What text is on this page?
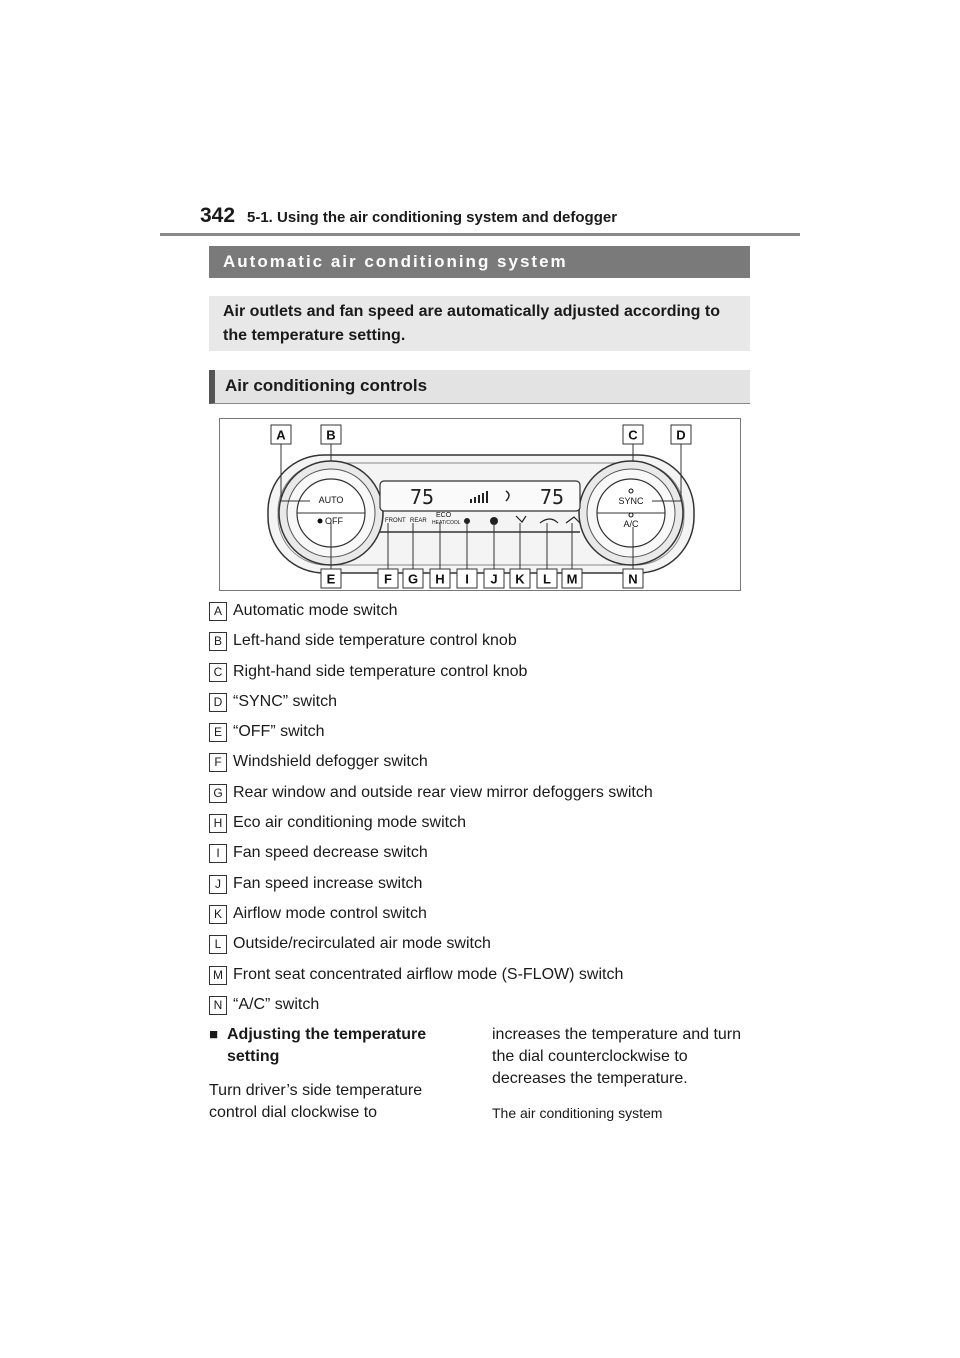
342 5-1. Using the air conditioning system and defogger
Automatic air conditioning system
Air outlets and fan speed are automatically adjusted according to the temperature setting.
Air conditioning controls
AUTO
OFF
SYNC
A/C
75	75
FRONT REAR
ECO
HEAT/COOL
A	B	C	D
E	F G H I J K L M	N
A Automatic mode switch
B Left-hand side temperature control knob
C Right-hand side temperature control knob
D “SYNC” switch
E “OFF” switch
F Windshield defogger switch
G Rear window and outside rear view mirror defoggers switch
H Eco air conditioning mode switch
I Fan speed decrease switch
J Fan speed increase switch
K Airflow mode control switch
L Outside/recirculated air mode switch
M Front seat concentrated airflow mode (S-FLOW) switch
N “A/C” switch
■ Adjusting the temperature setting
Turn driver’s side temperature control dial clockwise to
increases the temperature and turn the dial counterclockwise to decreases the temperature.
The air conditioning system
